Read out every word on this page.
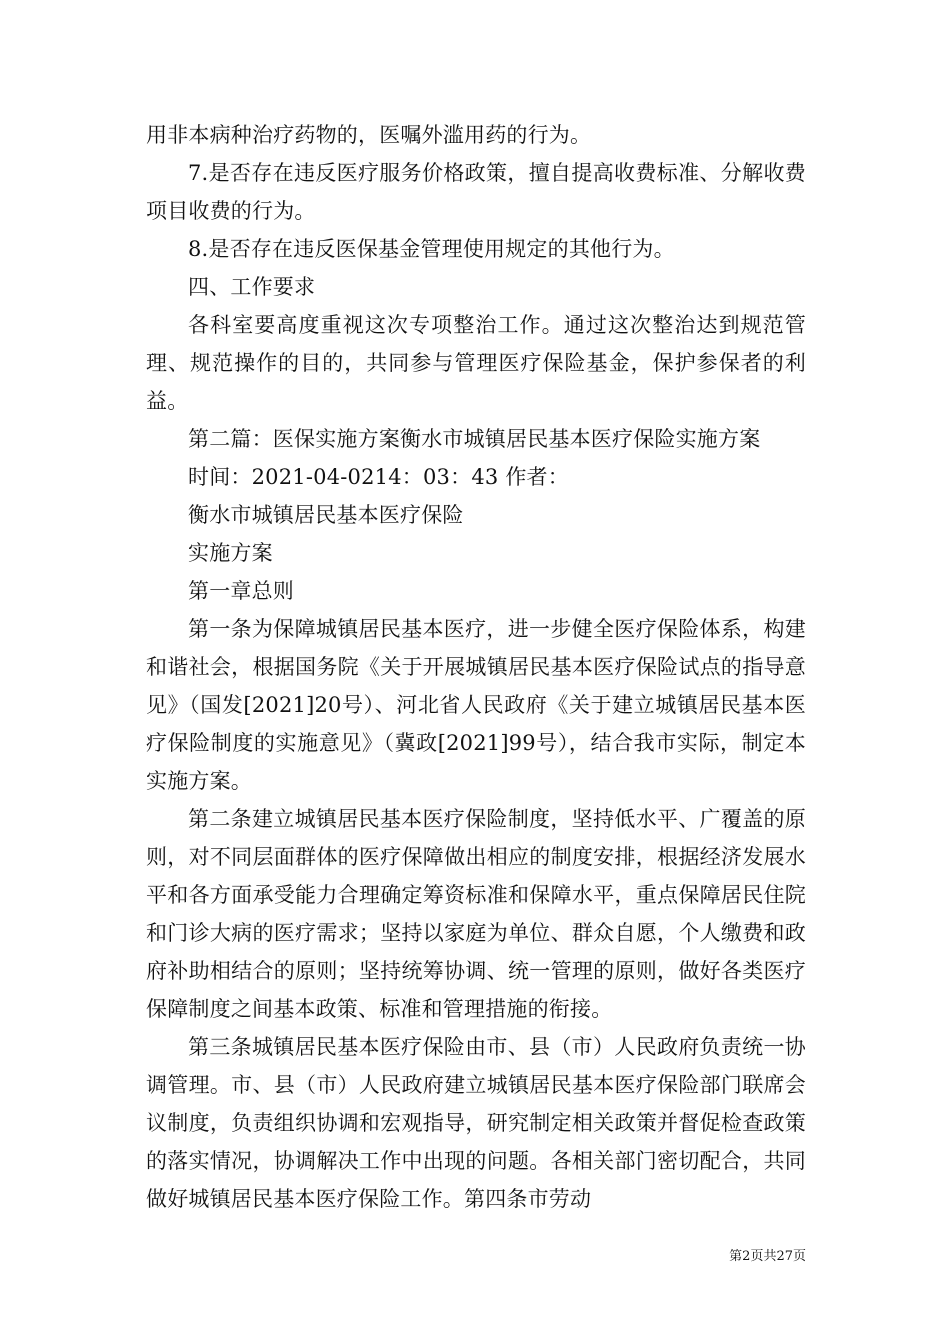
用非本病种治疗药物的，医嘱外滥用药的行为。

7.是否存在违反医疗服务价格政策，擅自提高收费标准、分解收费项目收费的行为。

8.是否存在违反医保基金管理使用规定的其他行为。

四、工作要求

各科室要高度重视这次专项整治工作。通过这次整治达到规范管理、规范操作的目的，共同参与管理医疗保险基金，保护参保者的利益。

第二篇：医保实施方案衡水市城镇居民基本医疗保险实施方案

时间：2021-04-0214：03：43 作者：

衡水市城镇居民基本医疗保险

实施方案

第一章总则

第一条为保障城镇居民基本医疗，进一步健全医疗保险体系，构建和谐社会，根据国务院《关于开展城镇居民基本医疗保险试点的指导意见》（国发[2021]20号）、河北省人民政府《关于建立城镇居民基本医疗保险制度的实施意见》（冀政[2021]99号），结合我市实际，制定本实施方案。

第二条建立城镇居民基本医疗保险制度，坚持低水平、广覆盖的原则，对不同层面群体的医疗保障做出相应的制度安排，根据经济发展水平和各方面承受能力合理确定筹资标准和保障水平，重点保障居民住院和门诊大病的医疗需求；坚持以家庭为单位、群众自愿，个人缴费和政府补助相结合的原则；坚持统筹协调、统一管理的原则，做好各类医疗保障制度之间基本政策、标准和管理措施的衔接。

第三条城镇居民基本医疗保险由市、县（市）人民政府负责统一协调管理。市、县（市）人民政府建立城镇居民基本医疗保险部门联席会议制度，负责组织协调和宏观指导，研究制定相关政策并督促检查政策的落实情况，协调解决工作中出现的问题。各相关部门密切配合，共同做好城镇居民基本医疗保险工作。第四条市劳动

第2页共27页
